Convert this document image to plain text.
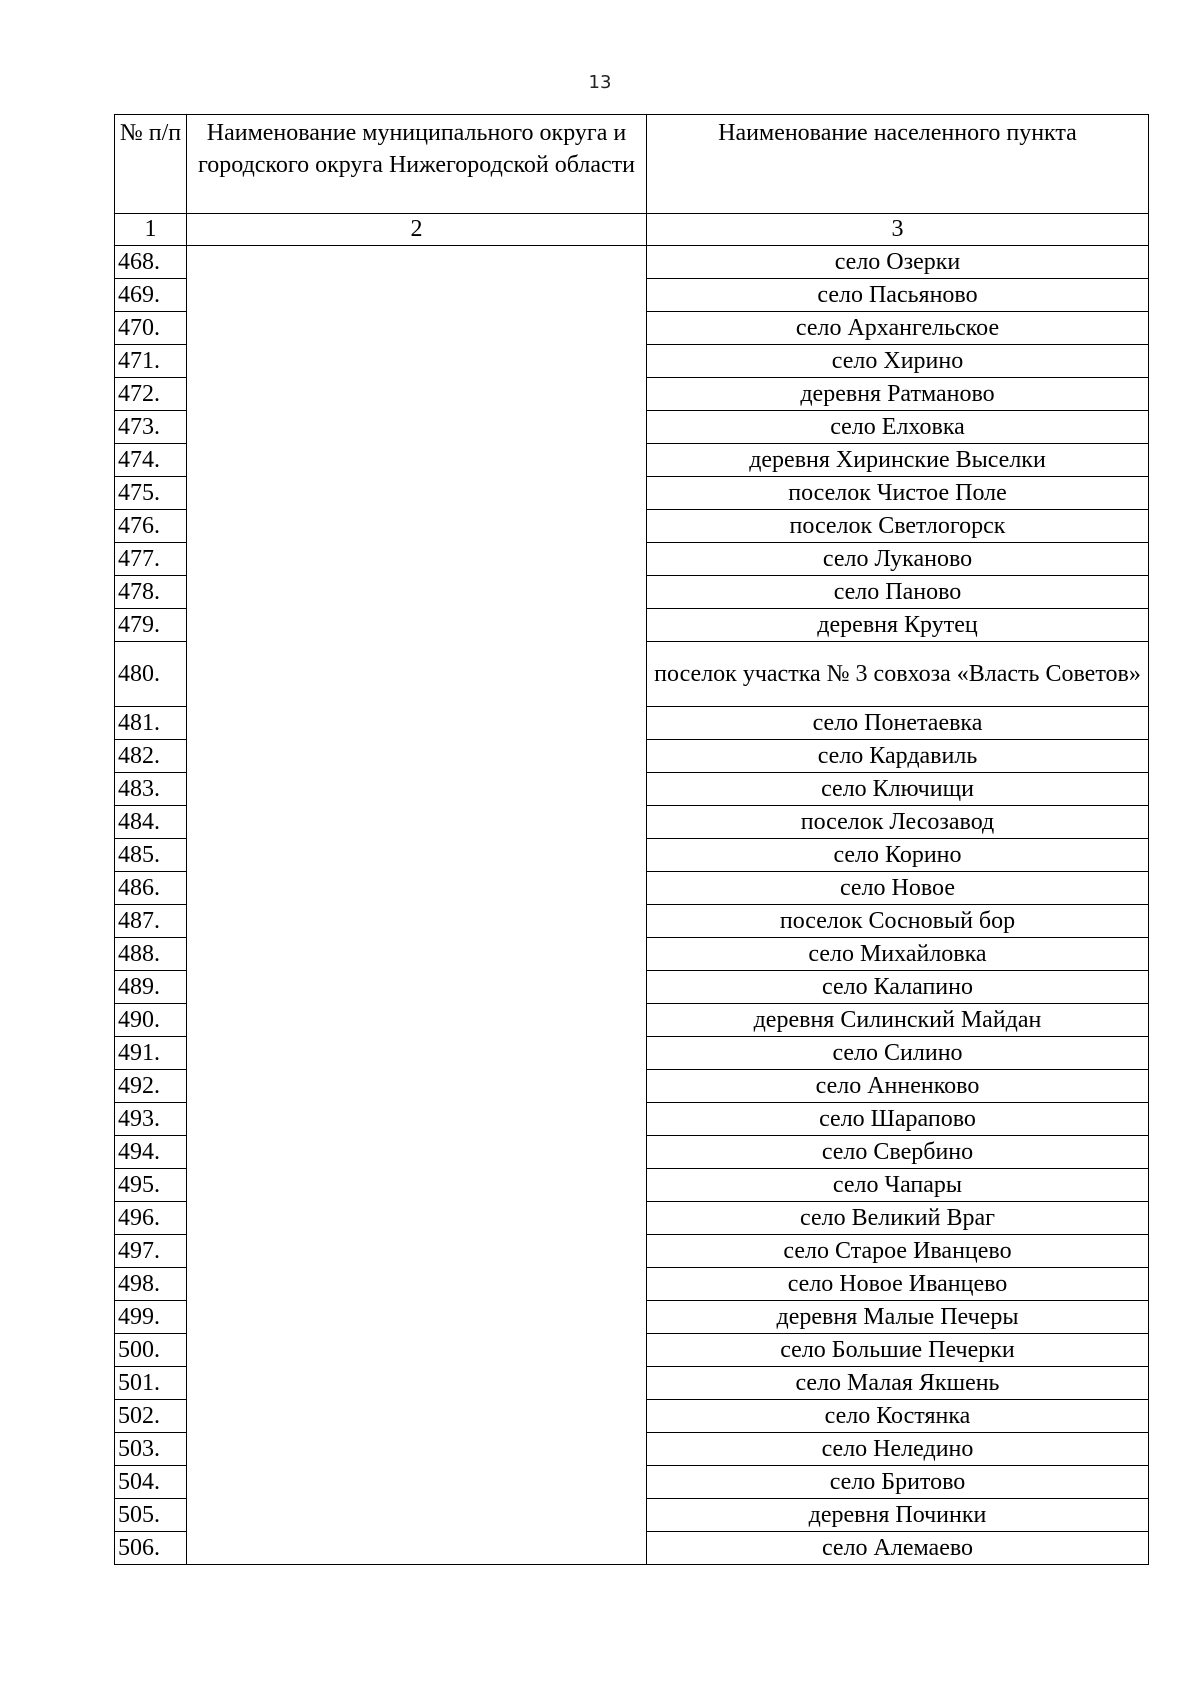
13
№ п/п	Наименование муниципального округа и городского округа Нижегородской области	Наименование населенного пункта
1	2	3
468.		село Озерки
469.		село Пасьяново
470.		село Архангельское
471.		село Хирино
472.		деревня Ратманово
473.		село Елховка
474.		деревня Хиринские Выселки
475.		поселок Чистое Поле
476.		поселок Светлогорск
477.		село Луканово
478.		село Паново
479.		деревня Крутец
480.		поселок участка № 3 совхоза «Власть Советов»
481.		село Понетаевка
482.		село Кардавиль
483.		село Ключищи
484.		поселок Лесозавод
485.		село Корино
486.		село Новое
487.		поселок Сосновый бор
488.		село Михайловка
489.		село Калапино
490.		деревня Силинский Майдан
491.		село Силино
492.		село Анненково
493.		село Шарапово
494.		село Свербино
495.		село Чапары
496.		село Великий Враг
497.		село Старое Иванцево
498.		село Новое Иванцево
499.		деревня Малые Печеры
500.		село Большие Печерки
501.		село Малая Якшень
502.		село Костянка
503.		село Неледино
504.		село Бритово
505.		деревня Починки
506.		село Алемаево
